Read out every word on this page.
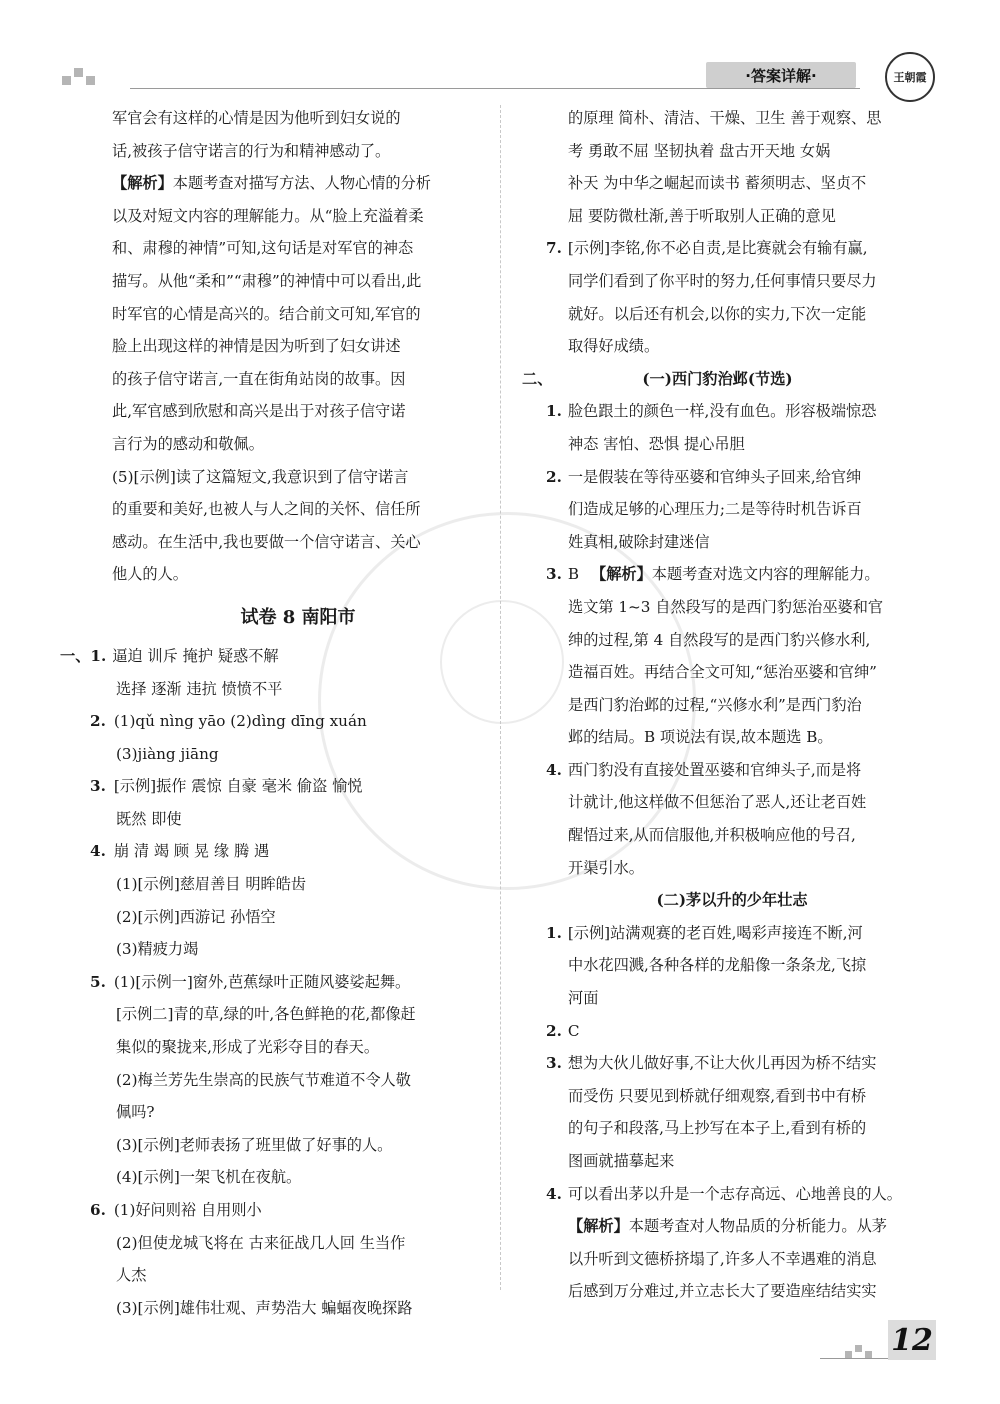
·答案详解·	王朝霞
军官会有这样的心情是因为他听到妇女说的
话,被孩子信守诺言的行为和精神感动了。
【解析】本题考查对描写方法、人物心情的分析
以及对短文内容的理解能力。从“脸上充溢着柔
和、肃穆的神情”可知,这句话是对军官的神态
描写。从他“柔和”“肃穆”的神情中可以看出,此
时军官的心情是高兴的。结合前文可知,军官的
脸上出现这样的神情是因为听到了妇女讲述
的孩子信守诺言,一直在街角站岗的故事。因
此,军官感到欣慰和高兴是出于对孩子信守诺
言行为的感动和敬佩。
(5)[示例]读了这篇短文,我意识到了信守诺言
的重要和美好,也被人与人之间的关怀、信任所
感动。在生活中,我也要做一个信守诺言、关心
他人的人。
试卷 8 南阳市
一、1. 逼迫 训斥 掩护 疑惑不解
选择 逐渐 违抗 愤愤不平
2. (1)qǔ nìng yāo (2)dìng dīng xuán
(3)jiàng jiāng
3. [示例]振作 震惊 自豪 毫米 偷盗 愉悦
既然 即使
4. 崩 清 竭 顾 晃 缘 腾 遇
(1)[示例]慈眉善目 明眸皓齿
(2)[示例]西游记 孙悟空
(3)精疲力竭
5. (1)[示例一]窗外,芭蕉绿叶正随风婆娑起舞。
[示例二]青的草,绿的叶,各色鲜艳的花,都像赶
集似的聚拢来,形成了光彩夺目的春天。
(2)梅兰芳先生崇高的民族气节难道不令人敬
佩吗?
(3)[示例]老师表扬了班里做了好事的人。
(4)[示例]一架飞机在夜航。
6. (1)好问则裕 自用则小
(2)但使龙城飞将在 古来征战几人回 生当作
人杰
(3)[示例]雄伟壮观、声势浩大 蝙蝠夜晚探路
的原理 简朴、清洁、干燥、卫生 善于观察、思
考 勇敢不屈 坚韧执着 盘古开天地 女娲
补天 为中华之崛起而读书 蓄须明志、坚贞不
屈 要防微杜渐,善于听取别人正确的意见
7. [示例]李铭,你不必自责,是比赛就会有输有赢,
同学们看到了你平时的努力,任何事情只要尽力
就好。以后还有机会,以你的实力,下次一定能
取得好成绩。
二、	(一)西门豹治邺(节选)
1. 脸色跟土的颜色一样,没有血色。形容极端惊恐
神态 害怕、恐惧 提心吊胆
2. 一是假装在等待巫婆和官绅头子回来,给官绅
们造成足够的心理压力;二是等待时机告诉百
姓真相,破除封建迷信
3. B 【解析】本题考查对选文内容的理解能力。
选文第 1~3 自然段写的是西门豹惩治巫婆和官
绅的过程,第 4 自然段写的是西门豹兴修水利,
造福百姓。再结合全文可知,“惩治巫婆和官绅”
是西门豹治邺的过程,“兴修水利”是西门豹治
邺的结局。B 项说法有误,故本题选 B。
4. 西门豹没有直接处置巫婆和官绅头子,而是将
计就计,他这样做不但惩治了恶人,还让老百姓
醒悟过来,从而信服他,并积极响应他的号召,
开渠引水。
(二)茅以升的少年壮志
1. [示例]站满观赛的老百姓,喝彩声接连不断,河
中水花四溅,各种各样的龙船像一条条龙,飞掠
河面
2. C
3. 想为大伙儿做好事,不让大伙儿再因为桥不结实
而受伤 只要见到桥就仔细观察,看到书中有桥
的句子和段落,马上抄写在本子上,看到有桥的
图画就描摹起来
4. 可以看出茅以升是一个志存高远、心地善良的人。
【解析】本题考查对人物品质的分析能力。从茅
以升听到文德桥挤塌了,许多人不幸遇难的消息
后感到万分难过,并立志长大了要造座结结实实
12
